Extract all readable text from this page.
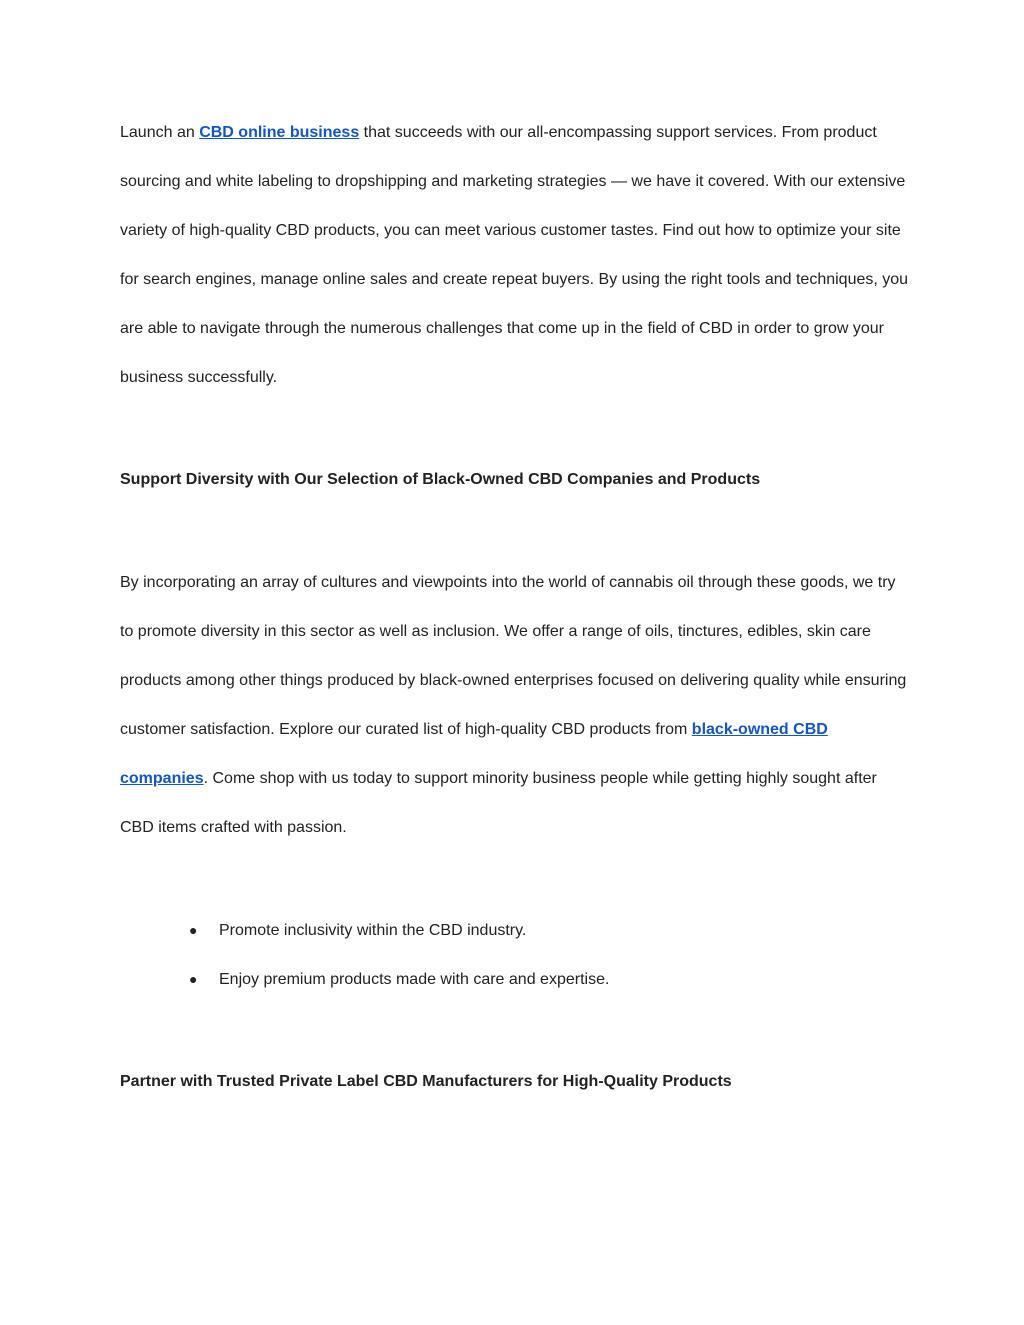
Launch an CBD online business that succeeds with our all-encompassing support services. From product sourcing and white labeling to dropshipping and marketing strategies — we have it covered. With our extensive variety of high-quality CBD products, you can meet various customer tastes. Find out how to optimize your site for search engines, manage online sales and create repeat buyers. By using the right tools and techniques, you are able to navigate through the numerous challenges that come up in the field of CBD in order to grow your business successfully.

Support Diversity with Our Selection of Black-Owned CBD Companies and Products

By incorporating an array of cultures and viewpoints into the world of cannabis oil through these goods, we try to promote diversity in this sector as well as inclusion. We offer a range of oils, tinctures, edibles, skin care products among other things produced by black-owned enterprises focused on delivering quality while ensuring customer satisfaction. Explore our curated list of high-quality CBD products from black-owned CBD companies. Come shop with us today to support minority business people while getting highly sought after CBD items crafted with passion.

● Promote inclusivity within the CBD industry.
● Enjoy premium products made with care and expertise.
Partner with Trusted Private Label CBD Manufacturers for High-Quality Products
